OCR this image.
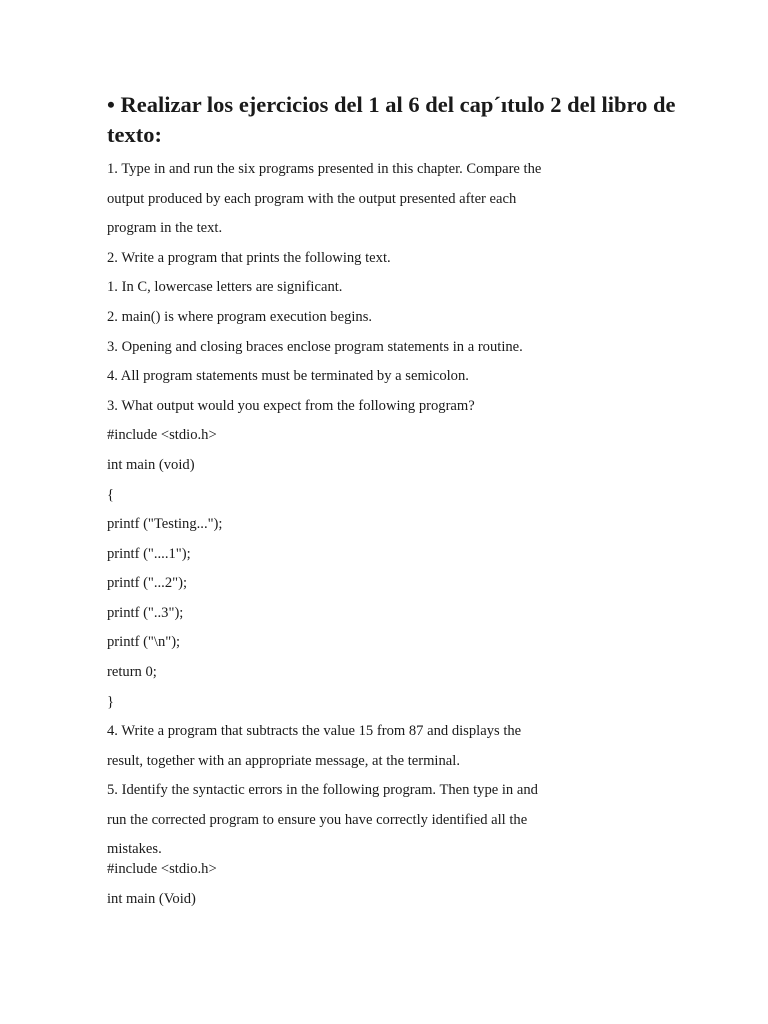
• Realizar los ejercicios del 1 al 6 del cap´ıtulo 2 del libro de texto:

1. Type in and run the six programs presented in this chapter. Compare the

output produced by each program with the output presented after each

program in the text.

2. Write a program that prints the following text.

1. In C, lowercase letters are significant.

2. main() is where program execution begins.

3. Opening and closing braces enclose program statements in a routine.

4. All program statements must be terminated by a semicolon.

3. What output would you expect from the following program?

#include <stdio.h>

int main (void)

{

printf ("Testing...");

printf ("....1");

printf ("...2");

printf ("..3");

printf ("\n");

return 0;

}

4. Write a program that subtracts the value 15 from 87 and displays the

result, together with an appropriate message, at the terminal.

5. Identify the syntactic errors in the following program. Then type in and

run the corrected program to ensure you have correctly identified all the

mistakes.

#include <stdio.h>

int main (Void)
